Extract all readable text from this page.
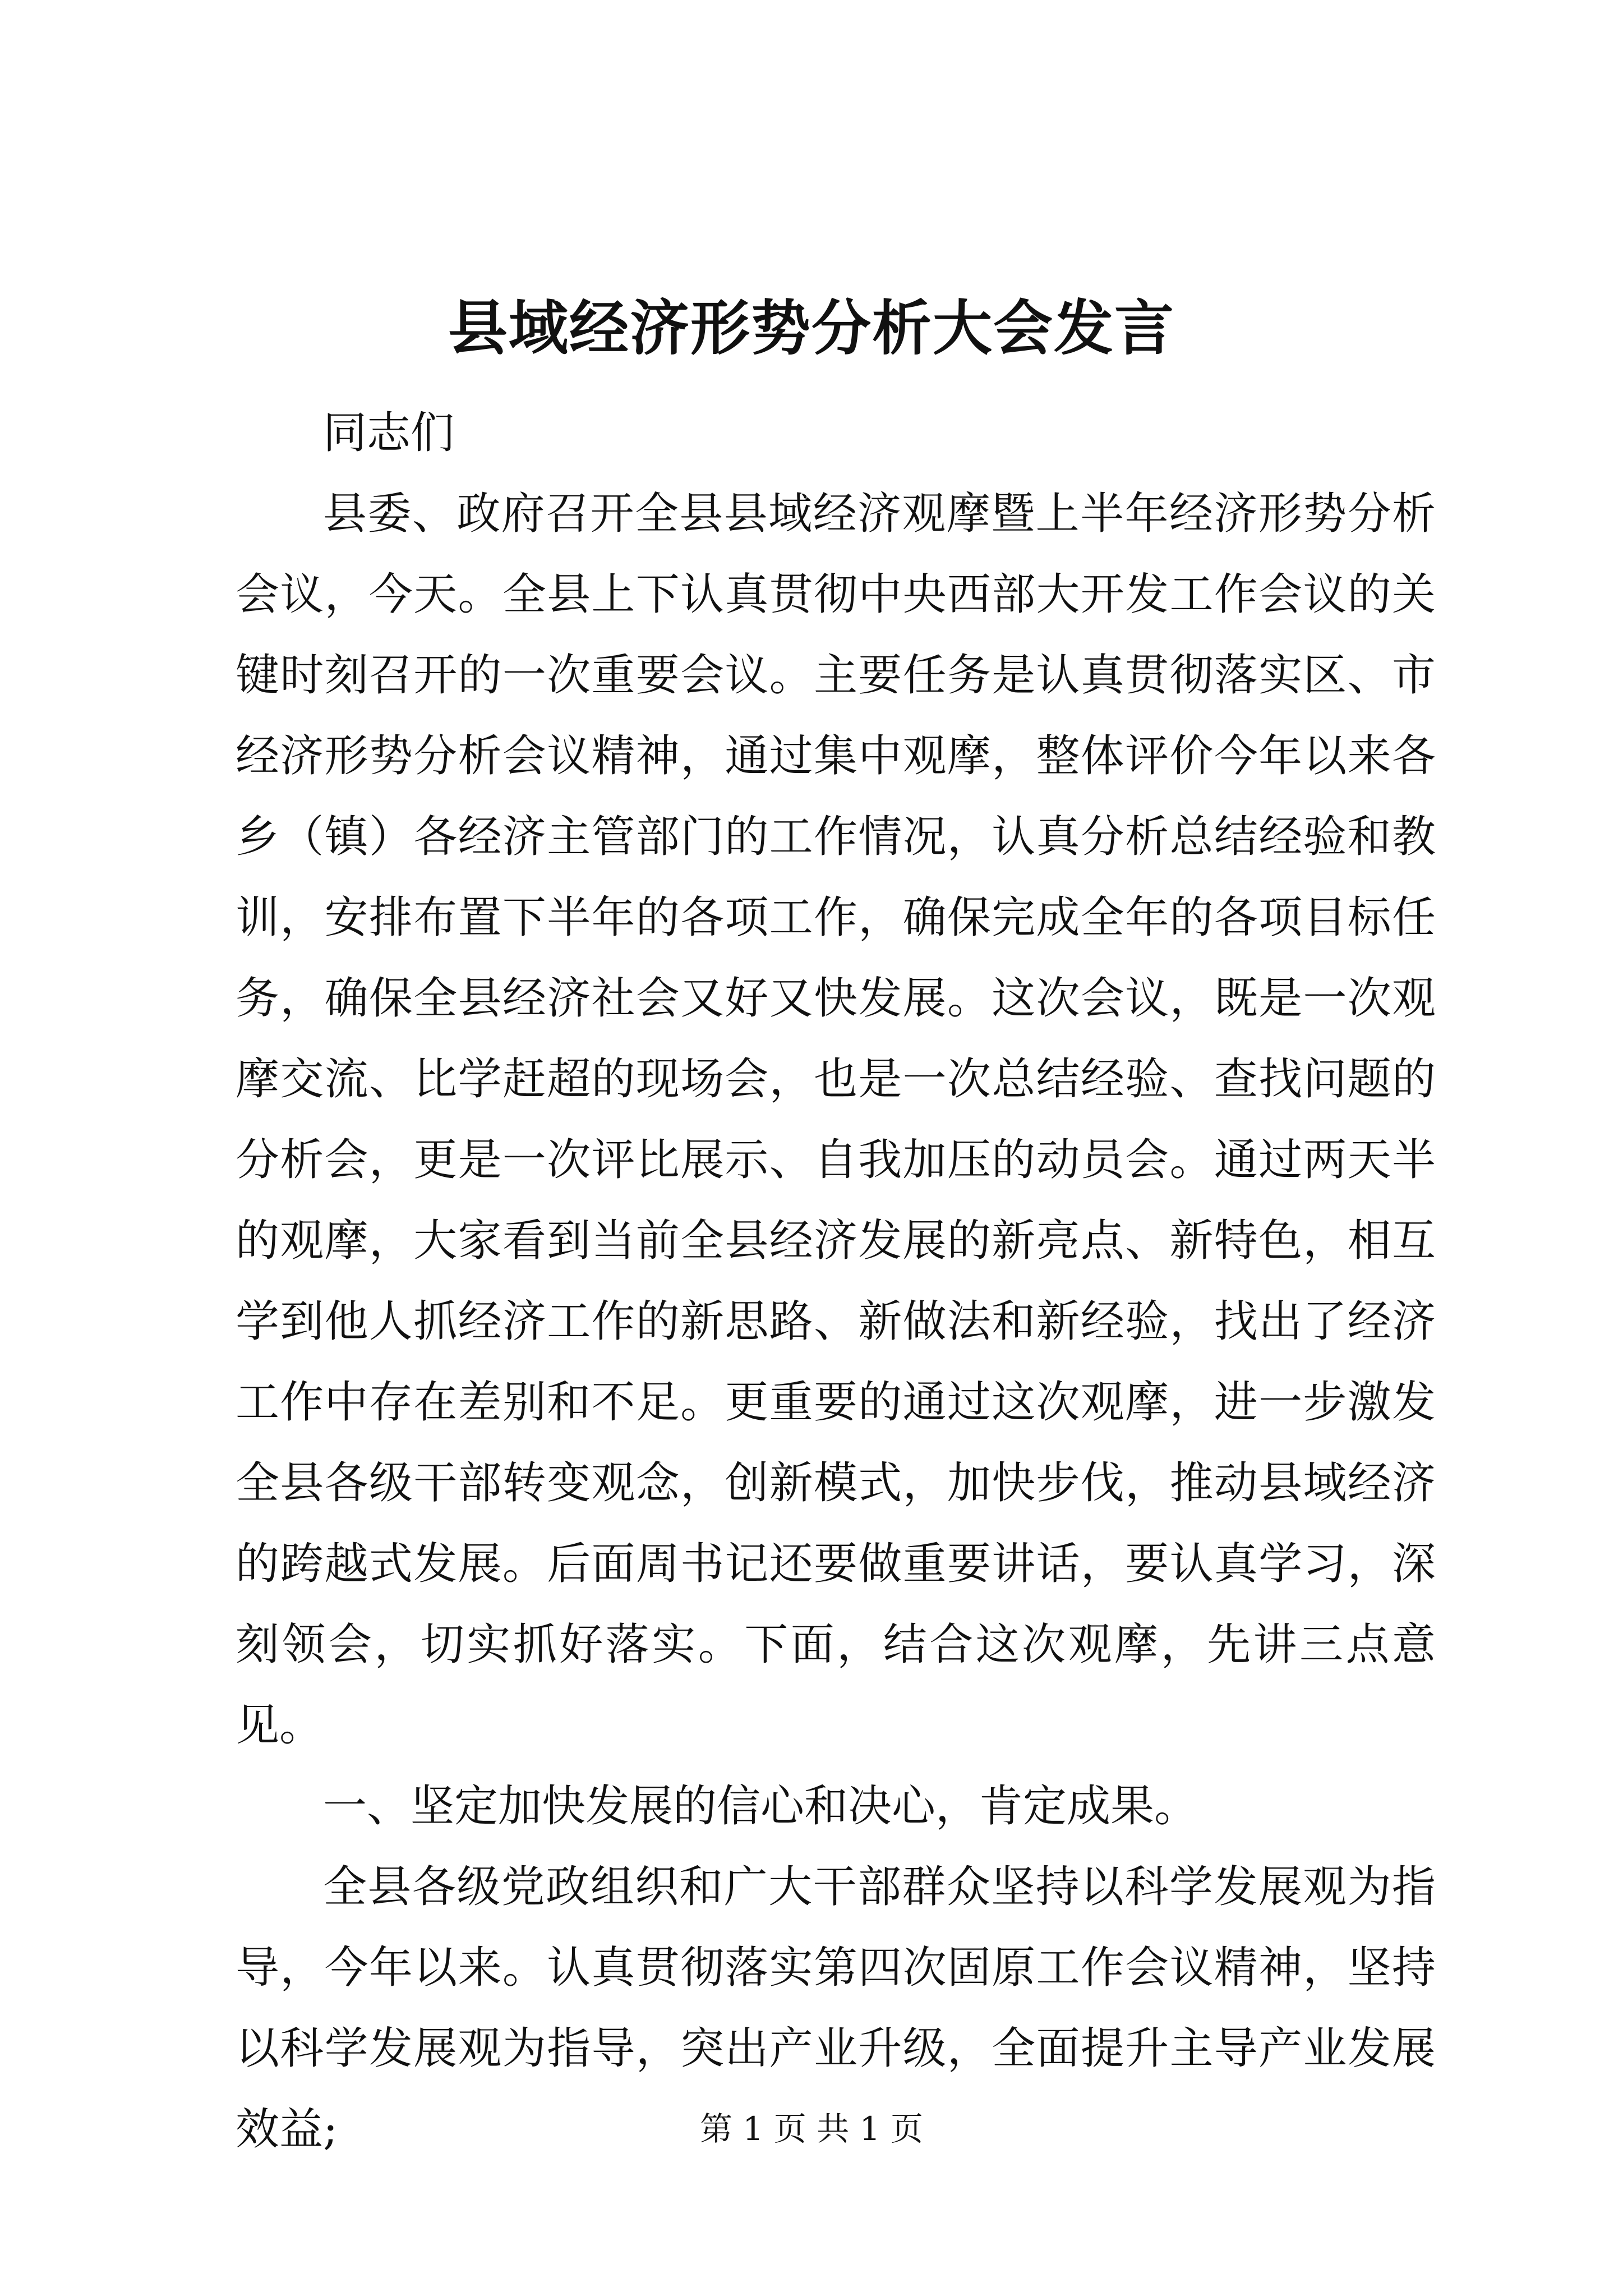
县域经济形势分析大会发言

同志们

县委、政府召开全县县域经济观摩暨上半年经济形势分析会议，今天。全县上下认真贯彻中央西部大开发工作会议的关键时刻召开的一次重要会议。主要任务是认真贯彻落实区、市经济形势分析会议精神，通过集中观摩，整体评价今年以来各乡（镇）各经济主管部门的工作情况，认真分析总结经验和教训，安排布置下半年的各项工作，确保完成全年的各项目标任务，确保全县经济社会又好又快发展。这次会议，既是一次观摩交流、比学赶超的现场会，也是一次总结经验、查找问题的分析会，更是一次评比展示、自我加压的动员会。通过两天半的观摩，大家看到当前全县经济发展的新亮点、新特色，相互学到他人抓经济工作的新思路、新做法和新经验，找出了经济工作中存在差别和不足。更重要的通过这次观摩，进一步激发全县各级干部转变观念，创新模式，加快步伐，推动县域经济的跨越式发展。后面周书记还要做重要讲话，要认真学习，深刻领会，切实抓好落实。下面，结合这次观摩，先讲三点意见。

一、坚定加快发展的信心和决心，肯定成果。

全县各级党政组织和广大干部群众坚持以科学发展观为指导，今年以来。认真贯彻落实第四次固原工作会议精神，坚持以科学发展观为指导，突出产业升级，全面提升主导产业发展效益;	第 1 页 共 1 页
